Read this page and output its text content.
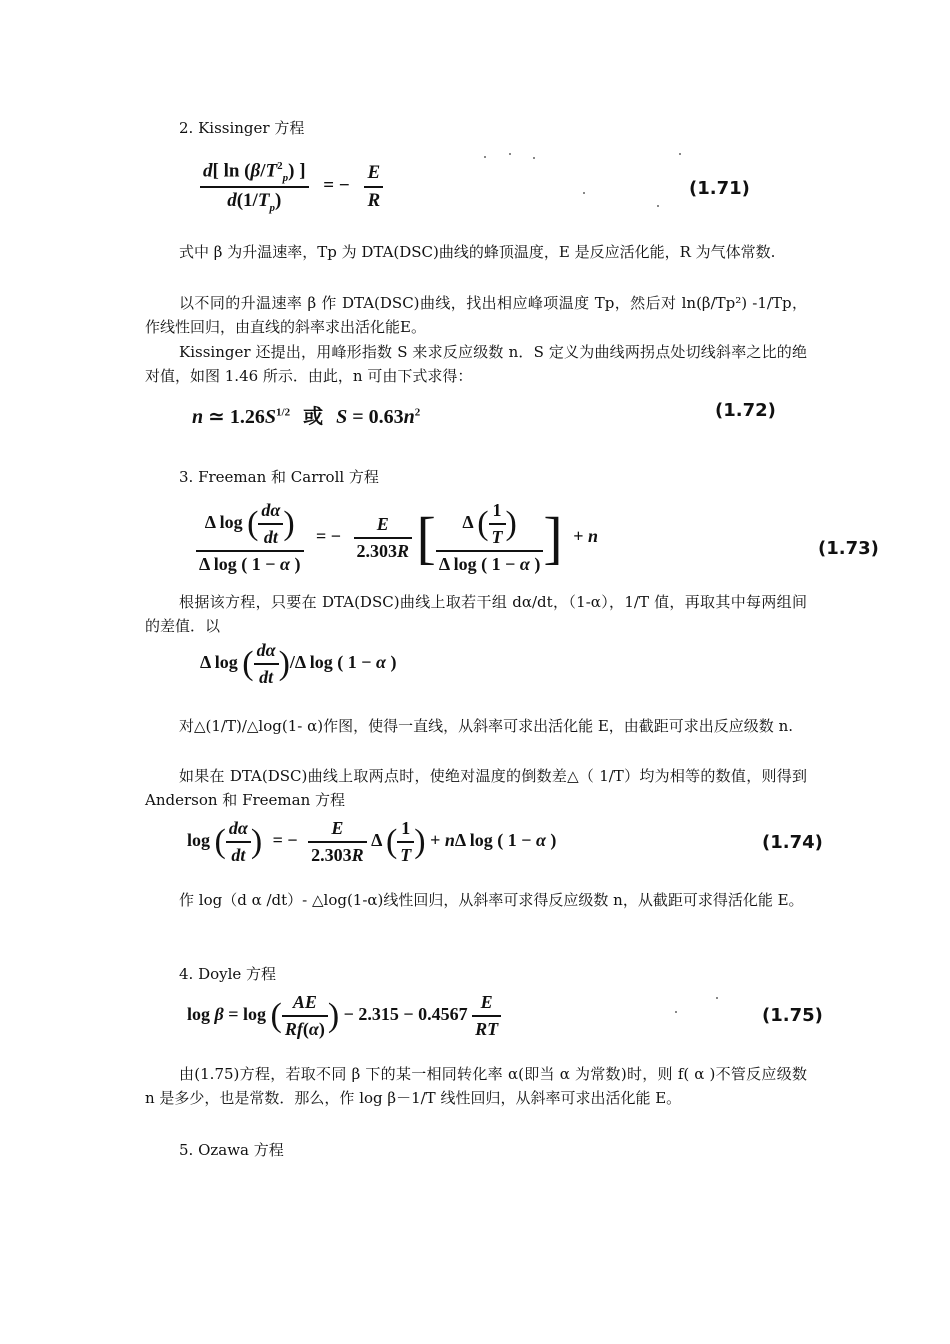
2. Kissinger 方程
$\frac{d[ \ln (\beta/T^2_p) ]}{d(1/T_p)}$ = − $\frac{E}{R}$	(1.71)
式中 β 为升温速率，Tp 为 DTA(DSC)曲线的蜂顶温度，E 是反应活化能，R 为气体常数.
以不同的升温速率 β 作 DTA(DSC)曲线，找出相应峰项温度 Tp，然后对 ln(β/Tp²) -1/Tp，作线性回归，由直线的斜率求出活化能E。
Kissinger 还提出，用峰形指数 S 来求反应级数 n．S 定义为曲线两拐点处切线斜率之比的绝对值，如图 1.46 所示．由此，n 可由下式求得：
n ≃ $1.26S^{1/2}$ 或 $S = 0.63n^2$	(1.72)
3. Freeman 和 Carroll 方程
$\frac{\Delta \log ( \frac{d\alpha}{dt} )}{\text{Δ log ( 1 − α )}}$ = − $\frac{E}{2.303R}$ [ $\frac{\Delta ( \frac{1}{T} )}{\text{Δ log ( 1 − α )}}$ ] + n
(1.73)
根据该方程，只要在 DTA(DSC)曲线上取若干组 dα/dt，（1-α），1/T 值，再取其中每两组间的差值．以
Δ log ( $\frac{d\alpha}{dt} )/\Delta$ log ( 1 − α )
对△(1/T)/△log(1- α)作图，使得一直线，从斜率可求出活化能 E，由截距可求出反应级数 n.
如果在 DTA(DSC)曲线上取两点时，使绝对温度的倒数差△（ 1/T）均为相等的数值，则得到 Anderson 和 Freeman 方程
log ( $\frac{d\alpha}{dt}$ ) = − $\frac{E}{2.303R}$ Δ ( $\frac{1}{T}$ ) + nΔ log ( 1 − α )	(1.74)
作 log（d α /dt）- △log(1-α)线性回归，从斜率可求得反应级数 n，从截距可求得活化能 E。
4. Doyle 方程
log β = log ( $\frac{AE}{Rf(\alpha)}$ ) − $2.315 - 0.4567 \frac{E}{RT}$	(1.75)
由(1.75)方程，若取不同 β 下的某一相同转化率 α(即当 α 为常数)时，则 f( α )不管反应级数 n 是多少，也是常数．那么，作 log β－1/T 线性回归，从斜率可求出活化能 E。
5. Ozawa 方程
